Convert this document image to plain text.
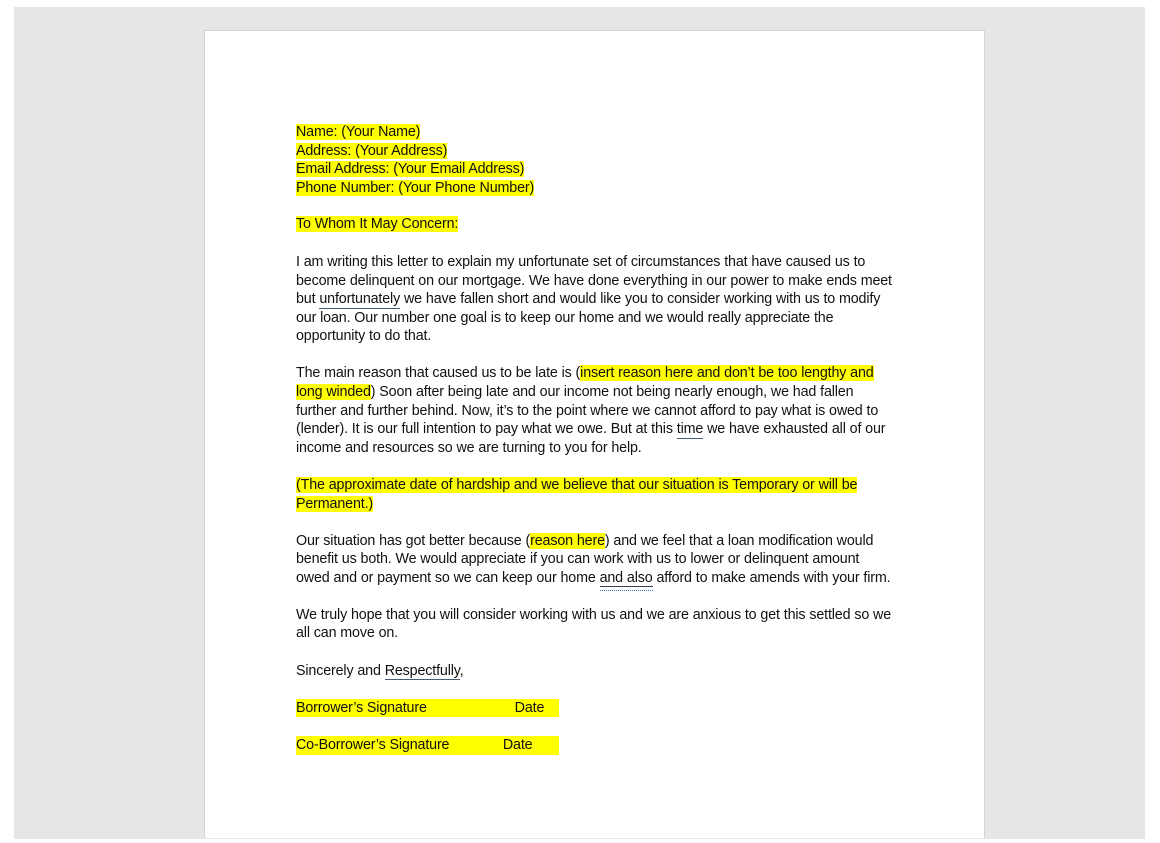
Name: (Your Name)
Address: (Your Address)
Email Address: (Your Email Address)
Phone Number: (Your Phone Number)
To Whom It May Concern:

I am writing this letter to explain my unfortunate set of circumstances that have caused us to become delinquent on our mortgage. We have done everything in our power to make ends meet but unfortunately we have fallen short and would like you to consider working with us to modify our loan. Our number one goal is to keep our home and we would really appreciate the opportunity to do that.

The main reason that caused us to be late is (insert reason here and don’t be too lengthy and long winded) Soon after being late and our income not being nearly enough, we had fallen further and further behind. Now, it’s to the point where we cannot afford to pay what is owed to (lender). It is our full intention to pay what we owe. But at this time we have exhausted all of our income and resources so we are turning to you for help.

(The approximate date of hardship and we believe that our situation is Temporary or will be Permanent.)

Our situation has got better because (reason here) and we feel that a loan modification would benefit us both. We would appreciate if you can work with us to lower or delinquent amount owed and or payment so we can keep our home and also afford to make amends with your firm.

We truly hope that you will consider working with us and we are anxious to get this settled so we all can move on.

Sincerely and Respectfully,

Borrower’s Signature                       Date
Co-Borrower’s Signature              Date
